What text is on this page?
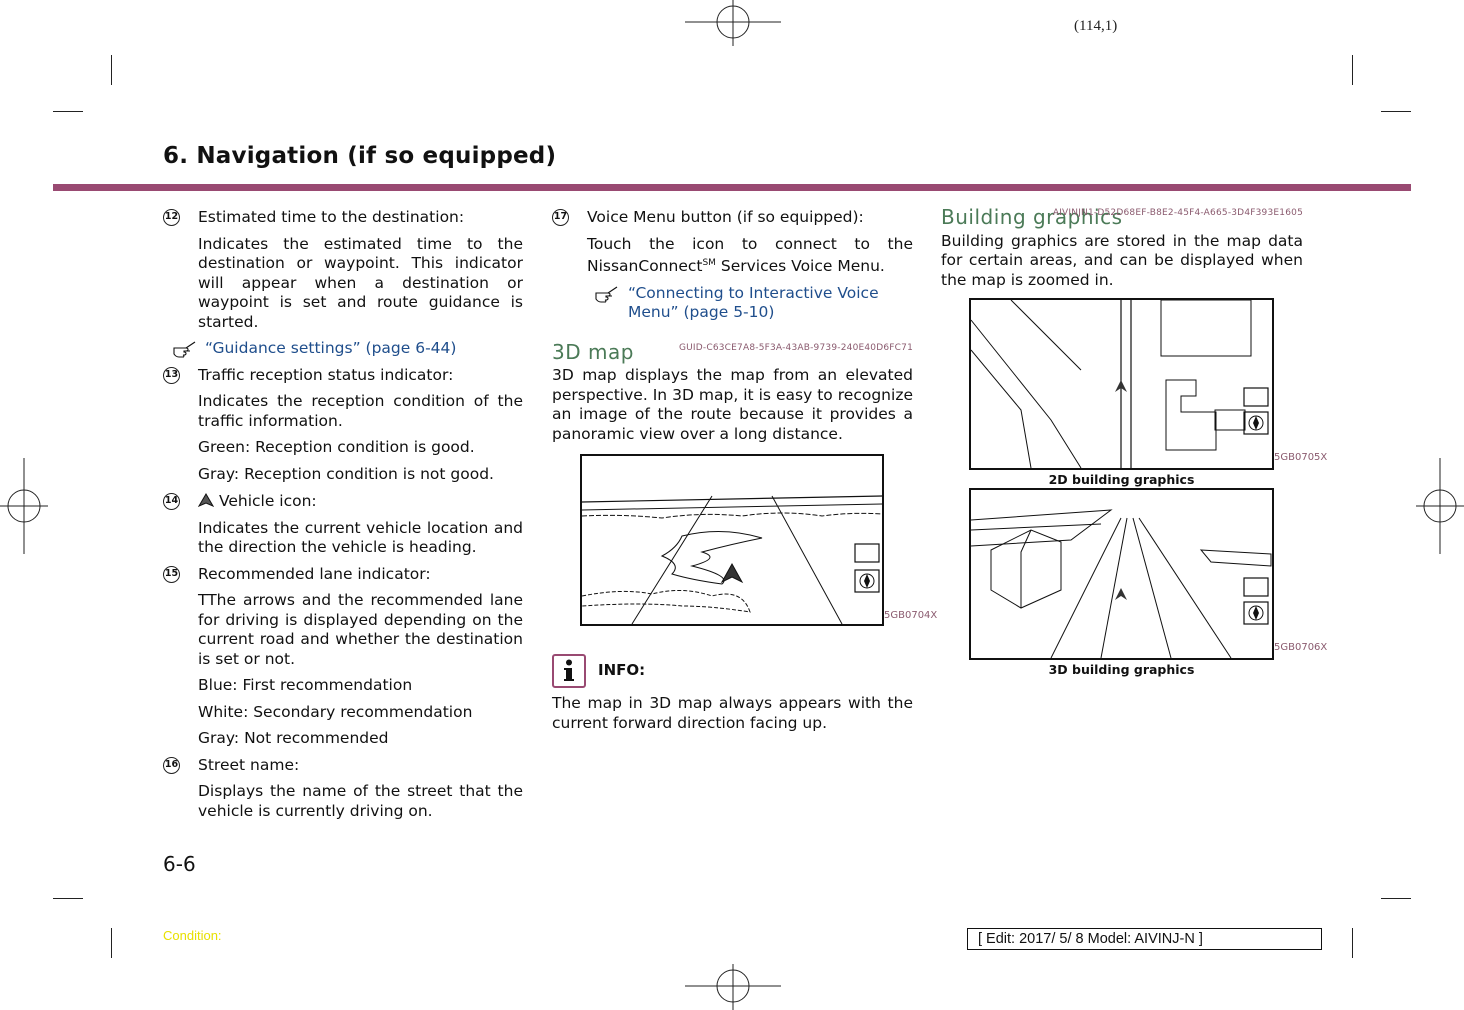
(114,1)
6. Navigation (if so equipped)
12 Estimated time to the destination:

Indicates the estimated time to the destination or waypoint. This indicator will appear when a destination or waypoint is set and route guidance is started.

“Guidance settings” (page 6-44)
13 Traffic reception status indicator:

Indicates the reception condition of the traffic information.

Green: Reception condition is good.

Gray: Reception condition is not good.

14	Vehicle icon:

Indicates the current vehicle location and the direction the vehicle is heading.

15 Recommended lane indicator:

TThe arrows and the recommended lane for driving is displayed depending on the current road and whether the destination is set or not.

Blue: First recommendation

White: Secondary recommendation

Gray: Not recommended

16 Street name:

Displays the name of the street that the vehicle is currently driving on.

17 Voice Menu button (if so equipped):

Touch the icon to connect to the NissanConnect℠ Services Voice Menu.

“Connecting to Interactive Voice Menu” (page 5-10)
3D map	GUID-C63CE7A8-5F3A-43AB-9739-240E40D6FC71

3D map displays the map from an elevated perspective. In 3D map, it is easy to recognize an image of the route because it provides a panoramic view over a long distance.

5GB0704X
INFO:

The map in 3D map always appears with the current forward direction facing up.

Building graphics
AIVINJN1-D52D68EF-B8E2-45F4-A665-3D4F393E1605

Building graphics are stored in the map data for certain areas, and can be displayed when the map is zoomed in.

5GB0705X
2D building graphics
5GB0706X
3D building graphics
6-6
Condition:	[ Edit: 2017/ 5/ 8 Model: AIVINJ-N ]
